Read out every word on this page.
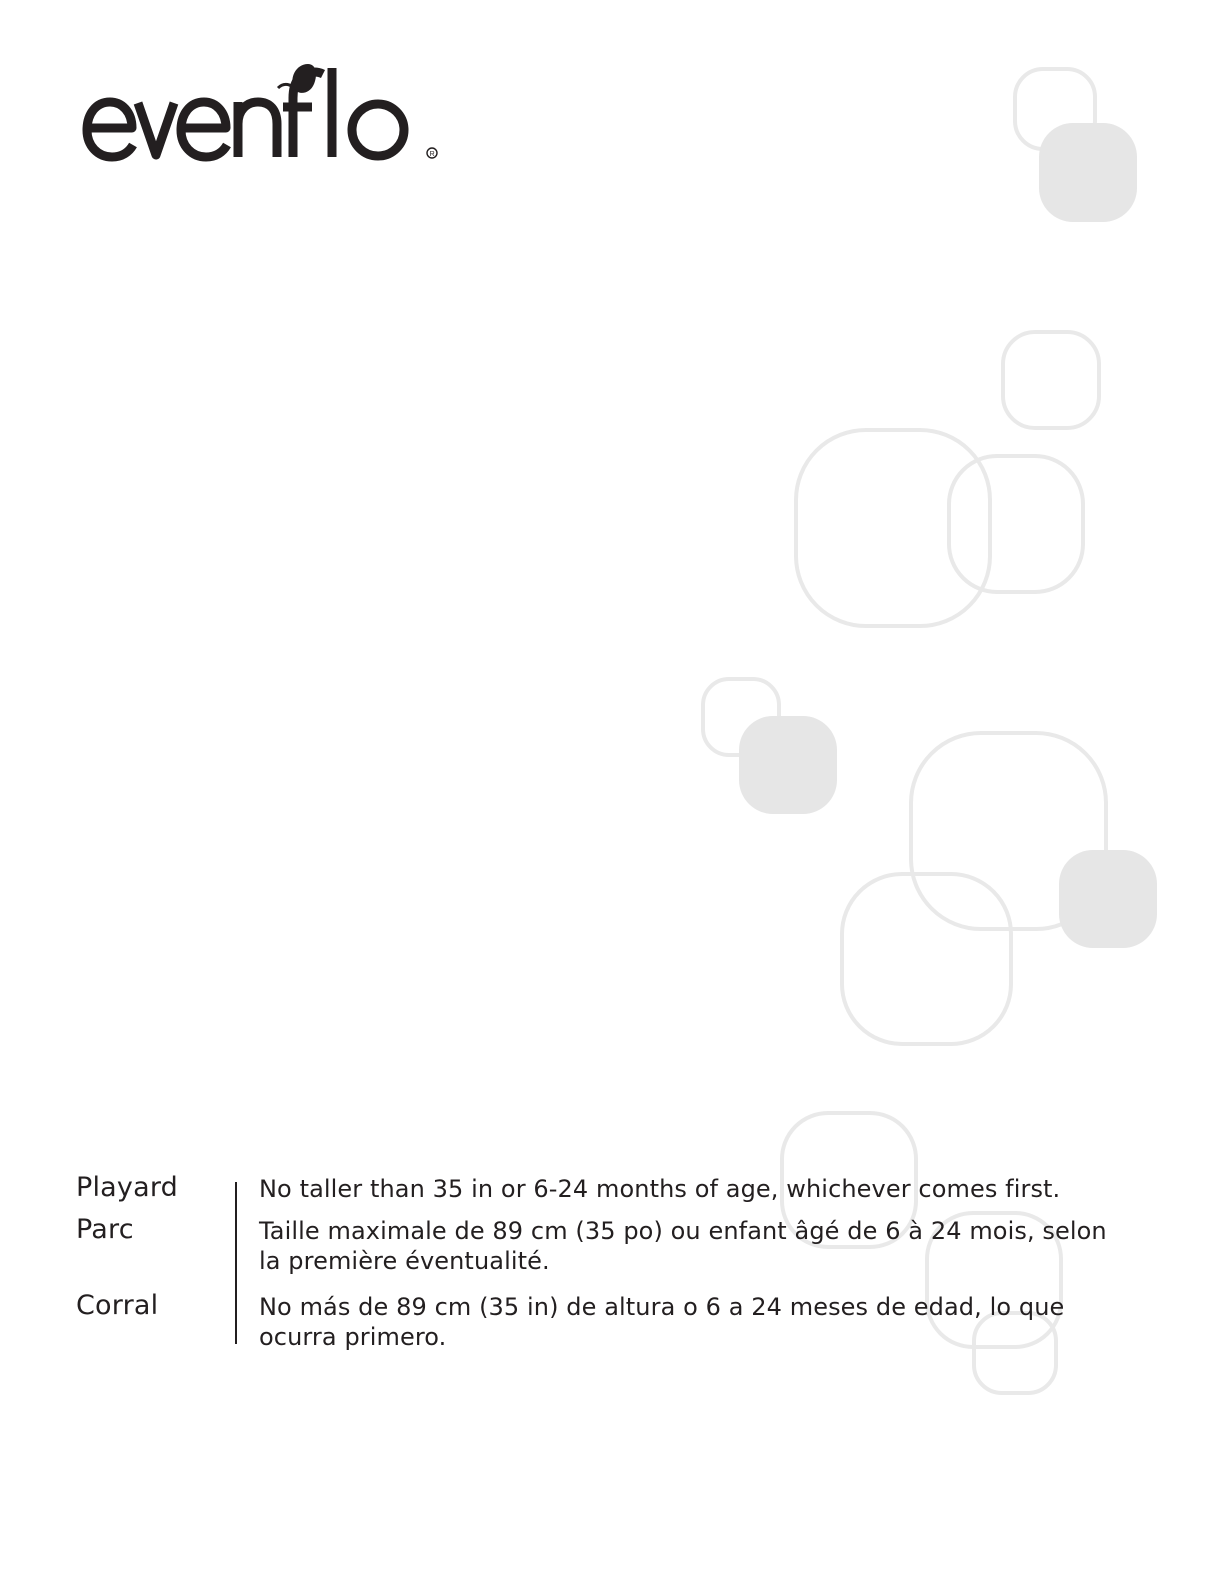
R
Playard	No taller than 35 in or 6-24 months of age, whichever comes first.
Parc	Taille maximale de 89 cm (35 po) ou enfant âgé de 6 à 24 mois, selon la première éventualité.
Corral	No más de 89 cm (35 in) de altura o 6 a 24 meses de edad, lo que ocurra primero.
